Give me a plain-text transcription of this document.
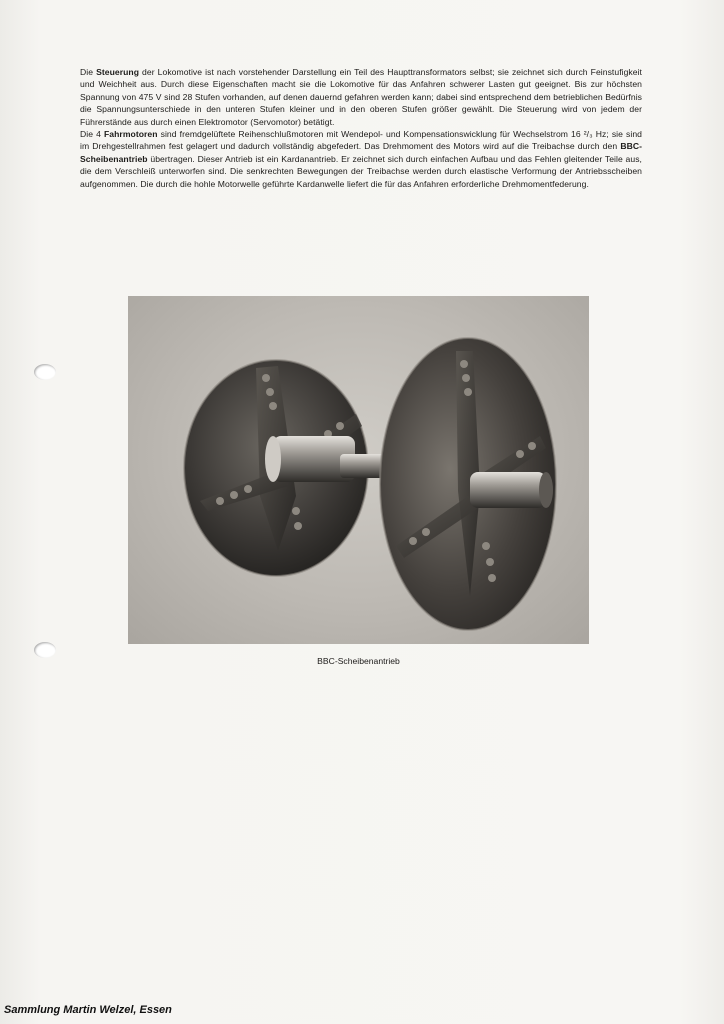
Die Steuerung der Lokomotive ist nach vorstehender Darstellung ein Teil des Haupttransformators selbst; sie zeichnet sich durch Feinstufigkeit und Weichheit aus. Durch diese Eigenschaften macht sie die Lokomotive für das Anfahren schwerer Lasten gut geeignet. Bis zur höchsten Spannung von 475 V sind 28 Stufen vorhanden, auf denen dauernd gefahren werden kann; dabei sind entsprechend dem betrieblichen Bedürfnis die Spannungsunterschiede in den unteren Stufen kleiner und in den oberen Stufen größer gewählt. Die Steuerung wird von jedem der Führerstände aus durch einen Elektromotor (Servomotor) betätigt.

Die 4 Fahrmotoren sind fremdgelüftete Reihenschlußmotoren mit Wendepol- und Kompensationswicklung für Wechselstrom 16 ²/₃ Hz; sie sind im Drehgestellrahmen fest gelagert und dadurch vollständig abgefedert. Das Drehmoment des Motors wird auf die Treibachse durch den BBC-Scheibenantrieb übertragen. Dieser Antrieb ist ein Kardanantrieb. Er zeichnet sich durch einfachen Aufbau und das Fehlen gleitender Teile aus, die dem Verschleiß unterworfen sind. Die senkrechten Bewegungen der Treibachse werden durch elastische Verformung der Antriebsscheiben aufgenommen. Die durch die hohle Motorwelle geführte Kardanwelle liefert die für das Anfahren erforderliche Drehmomentfederung.

BBC-Scheibenantrieb
Sammlung Martin Welzel, Essen
